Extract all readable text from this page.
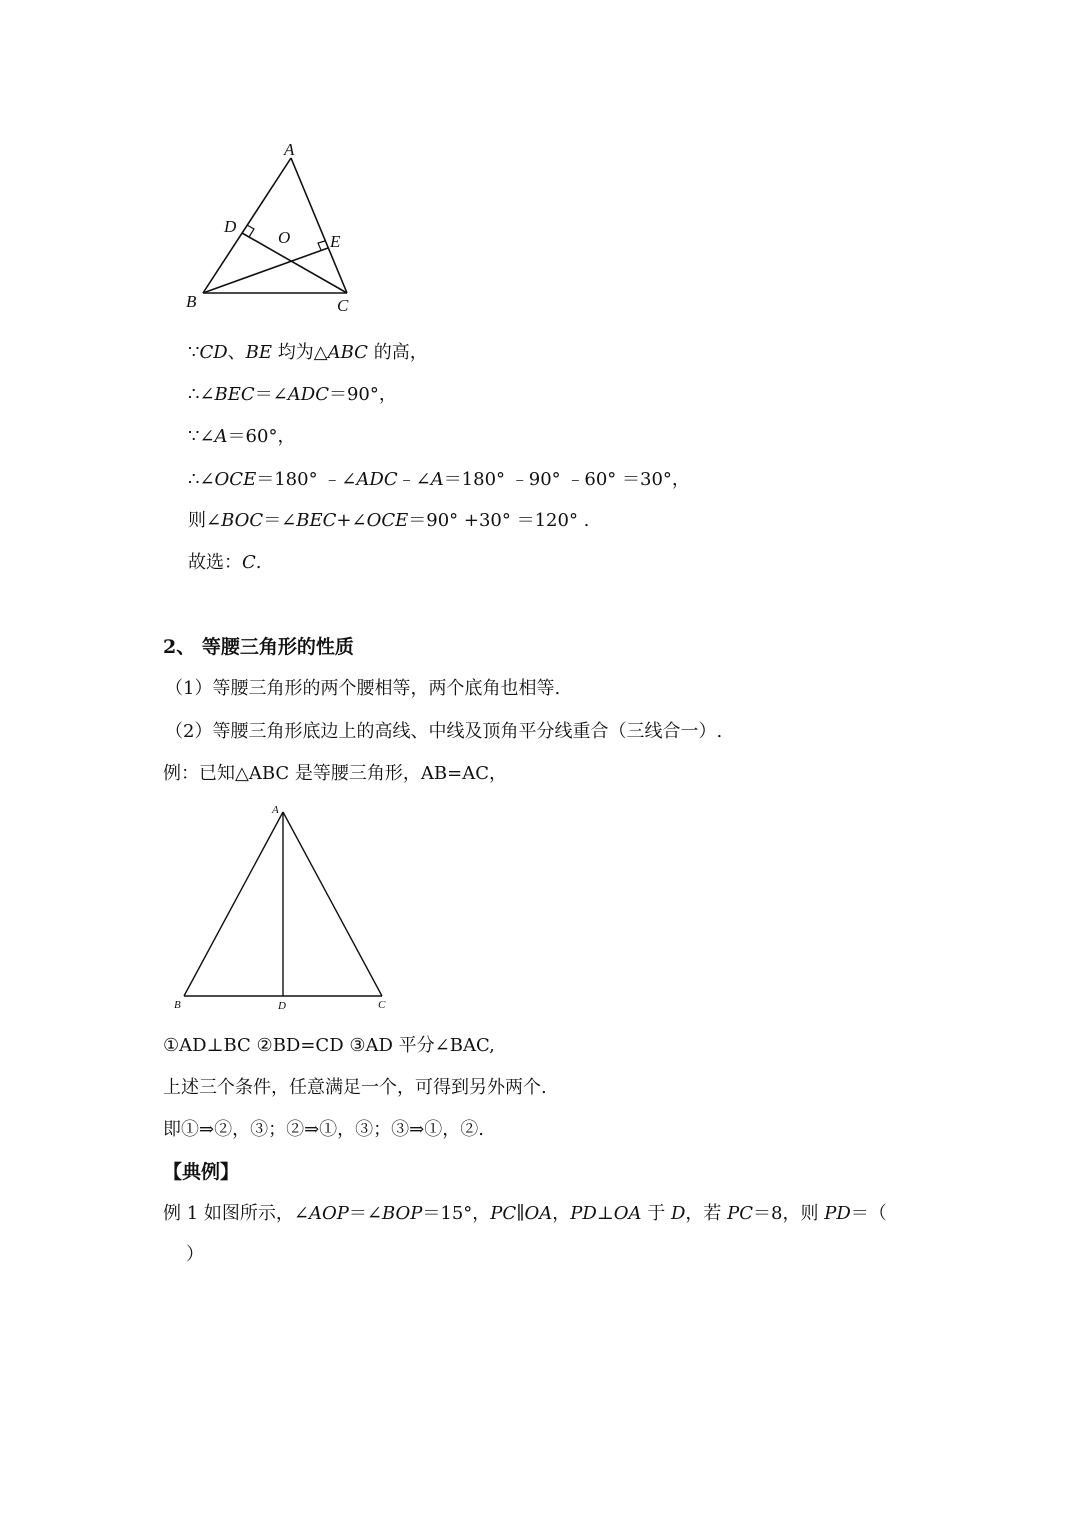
A
B	C
D
E
O
∵CD、BE 均为△ABC 的高，
∴∠BEC＝∠ADC＝90°，
∵∠A＝60°，
∴∠OCE＝180° ﹣∠ADC﹣∠A＝180° ﹣90° ﹣60° ＝30°，
则∠BOC＝∠BEC+∠OCE＝90° +30° ＝120° .
故选：C.
2、 等腰三角形的性质
（1）等腰三角形的两个腰相等，两个底角也相等.
（2）等腰三角形底边上的高线、中线及顶角平分线重合（三线合一）.
例：已知△ABC 是等腰三角形，AB=AC，
A
B	C
D
①AD⊥BC ②BD=CD ③AD 平分∠BAC,
上述三个条件，任意满足一个，可得到另外两个.
即①⇒②，③；②⇒①，③；③⇒①，②.
【典例】
例 1 如图所示，∠AOP＝∠BOP＝15°，PC∥OA，PD⊥OA 于 D，若 PC＝8，则 PD＝（
）
